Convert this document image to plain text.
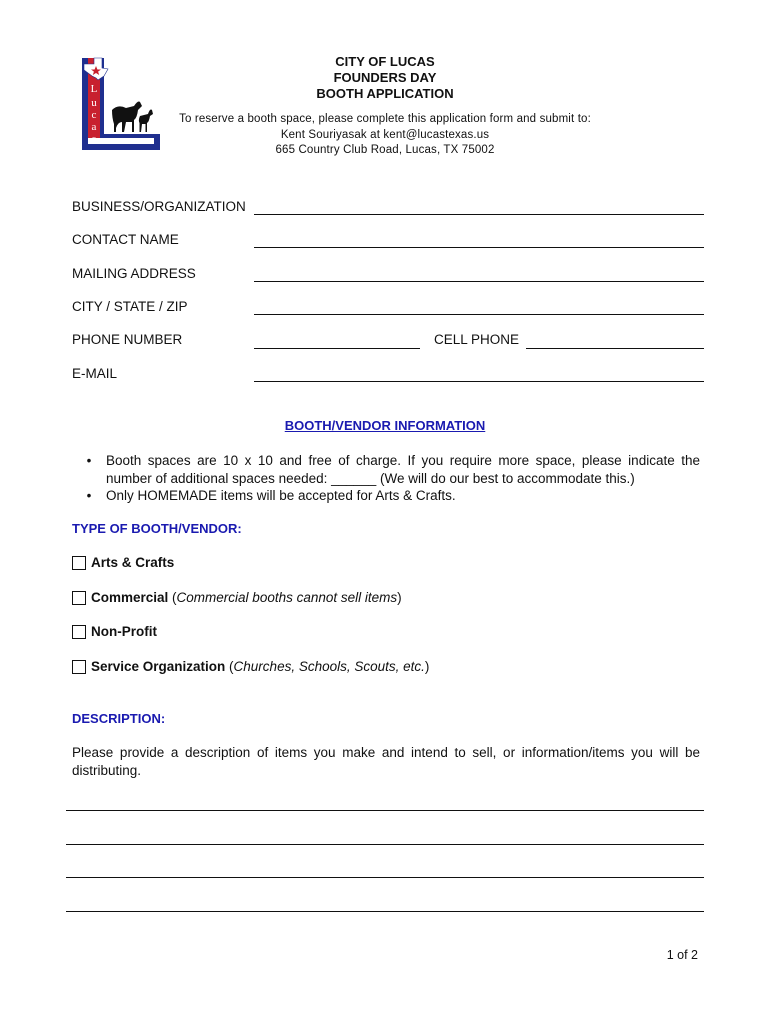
L
u
c
a
s
CITY OF LUCAS
FOUNDERS DAY
BOOTH APPLICATION
To reserve a booth space, please complete this application form and submit to:
Kent Souriyasak at kent@lucastexas.us
665 Country Club Road, Lucas, TX 75002
BUSINESS/ORGANIZATION
CONTACT NAME
MAILING ADDRESS
CITY / STATE / ZIP
PHONE NUMBER	CELL PHONE
E-MAIL
BOOTH/VENDOR INFORMATION
•	Booth spaces are 10 x 10 and free of charge. If you require more space, please indicate the number of additional spaces needed: ______ (We will do our best to accommodate this.)
•	Only HOMEMADE items will be accepted for Arts & Crafts.
TYPE OF BOOTH/VENDOR:
Arts & Crafts
Commercial ( Commercial booths cannot sell items )
Non-Profit
Service Organization ( Churches, Schools, Scouts, etc. )
DESCRIPTION:
Please provide a description of items you make and intend to sell, or information/items you will be distributing.
1 of 2
